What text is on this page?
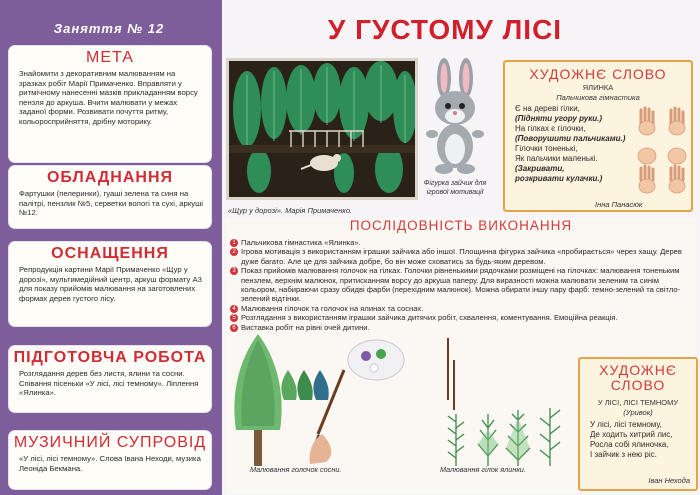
Заняття № 12
МЕТА
Знайомити з декоративним малюванням на зразках робіт Марії Примаченко. Вправляти у ритмічному нанесенні мазків прикладанням ворсу пензля до аркуша. Вчити малювати у межах заданої форми. Розвивати почуття ритму, кольоросприйняття, дрібну моторику.
ОБЛАДНАННЯ
Фартушки (пелеринки), гуаші зелена та синя на палітрі, пензлик №5, серветки вологі та сухі, аркуші №12.
ОСНАЩЕННЯ
Репродукція картини Марії Примаченко «Щур у дорозі», мультимедійний центр, аркуш формату А3 для показу прийомів малювання на заготовлених формах дерев густого лісу.
ПІДГОТОВЧА РОБОТА
Розглядання дерев без листя, ялини та сосни. Співання пісеньки «У лісі, лісі темному». Ліплення «Ялинка».
МУЗИЧНИЙ СУПРОВІД
«У лісі, лісі темному». Слова Івана Неходи, музика Леоніда Бекмана.
У ГУСТОМУ ЛІСІ
«Щур у дорозі». Марія Примаченко.
Фігурка зайчик для ігрової мотивації
ХУДОЖНЄ СЛОВО
ЯЛИНКА
Пальчикова гімнастика
Є на дереві гілки,
(Підняти угору руки.)
На гілках є гілочки,
(Поворушити пальчиками.)
Гілочки тоненькі,
Як пальчики маленькі.
(Закривати,
розкривати кулачки.)
Інна Панасюк
ПОСЛІДОВНІСТЬ ВИКОНАННЯ
1 Пальчикова гімнастика «Ялинка».
2 Ігрова мотивація з використанням іграшки зайчика або іншої. Площинна фігурка зайчика «пробирається» через хащу. Дерев дуже багато. Але це для зайчика добре, бо він може сховатись за будь-яким деревом.
3 Показ прийомів малювання голочок на гілках. Голочки рівненькими рядочками розміщені на гілочках: малювання тоненьким пензлем, верхнім малюнок, притисканням ворсу до аркуша паперу. Для виразності можна малювати зеленим та синім кольором, набираючи сразу обидві фарби (перехідним малюнок). Можна обирати іншу пару фарб: темно-зелений та світло-зелений відтінки.
4 Малювання гілочок та голочок на ялинах та соснах.
5 Розглядання з використанням іграшки зайчика дитячих робіт, схвалення, коментування. Емоційна реакція.
6 Виставка робіт на рівні очей дитини.
Малювання голочок сосни.	Малювання гілок ялинки.
ХУДОЖНЄ СЛОВО
У ЛІСІ, ЛІСІ ТЕМНОМУ
(Уривок)
У лісі, лісі темному,
Де ходить хитрий лис,
Росла собі ялиночка,
І зайчик з нею ріс.
Іван Нехода
